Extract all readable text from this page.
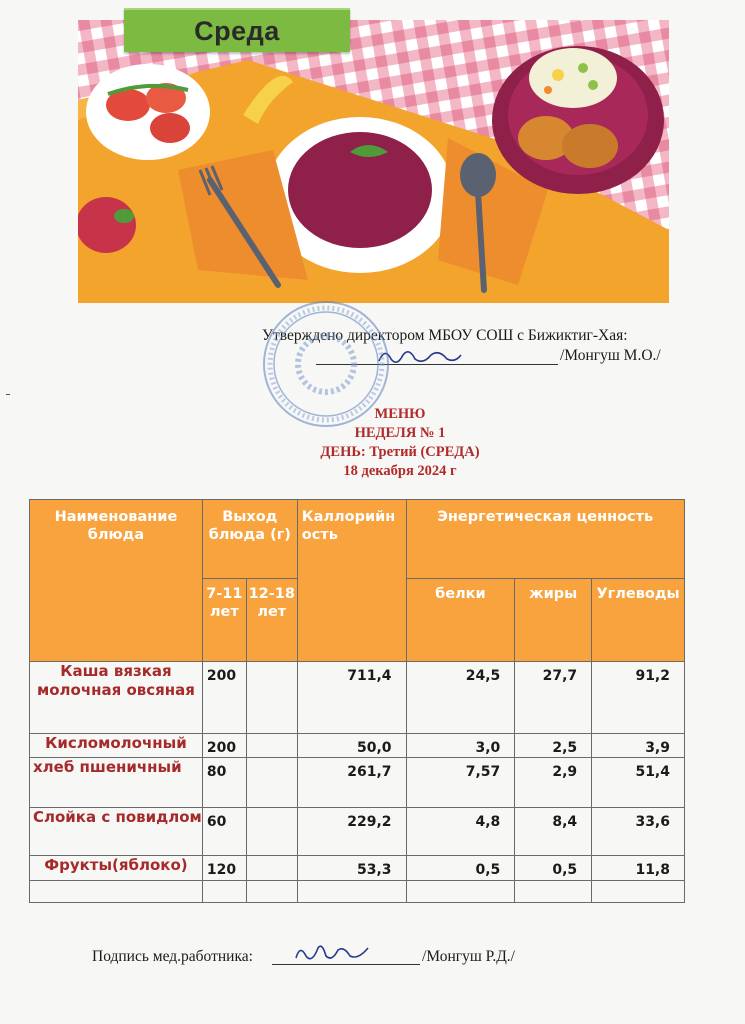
Среда
Утверждено директором МБОУ СОШ с Бижиктиг-Хая:
/Монгуш М.О./
МЕНЮ
НЕДЕЛЯ № 1
ДЕНЬ: Третий (СРЕДА)
18 декабря 2024 г
Наименование блюда	Выход блюда (г)		Каллорийность	Энергетическая ценность		
	7-11 лет	12-18 лет		белки	жиры	Углеводы
Каша вязкая молочная овсяная	200		711,4	24,5	27,7	91,2
Кисломолочный	200		50,0	3,0	2,5	3,9
хлеб пшеничный	80		261,7	7,57	2,9	51,4
Слойка с повидлом	60		229,2	4,8	8,4	33,6
Фрукты(яблоко)	120		53,3	0,5	0,5	11,8

Подпись мед.работника:	/Монгуш Р.Д./
